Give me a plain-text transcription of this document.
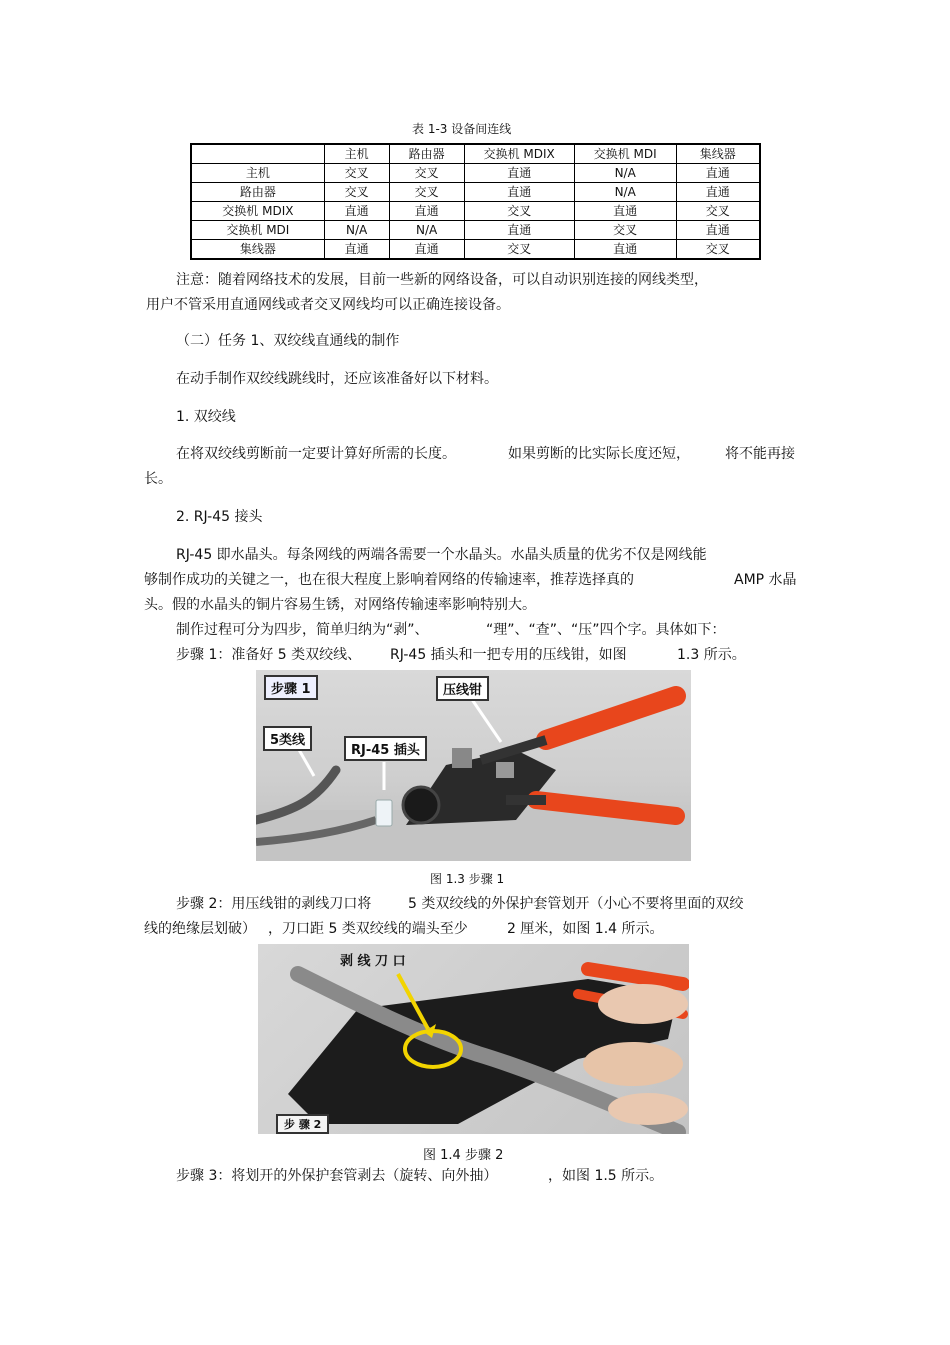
表 1-3 设备间连线
	主机	路由器	交换机 MDIX	交换机 MDI	集线器
主机	交叉	交叉	直通	N/A	直通
路由器	交叉	交叉	直通	N/A	直通
交换机 MDIX	直通	直通	交叉	直通	交叉
交换机 MDI	N/A	N/A	直通	交叉	直通
集线器	直通	直通	交叉	直通	交叉
注意：随着网络技术的发展，目前一些新的网络设备，可以自动识别连接的网线类型，
用户不管采用直通网线或者交叉网线均可以正确连接设备。
（二）任务 1、双绞线直通线的制作
在动手制作双绞线跳线时，还应该准备好以下材料。
1. 双绞线
在将双绞线剪断前一定要计算好所需的长度。	如果剪断的比实际长度还短，	将不能再接
长。
2. RJ-45 接头
RJ-45 即水晶头。每条网线的两端各需要一个水晶头。水晶头质量的优劣不仅是网线能
够制作成功的关键之一，也在很大程度上影响着网络的传输速率，推荐选择真的	AMP 水晶
头。假的水晶头的铜片容易生锈，对网络传输速率影响特别大。
制作过程可分为四步，简单归纳为“剥”、	“理”、“查”、“压”四个字。具体如下：
步骤 1：准备好 5 类双绞线、 RJ-45 插头和一把专用的压线钳，如图	1.3 所示。
步骤 1	压线钳
5类线
RJ-45 插头
图 1.3 步骤 1
步骤 2：用压线钳的剥线刀口将	5 类双绞线的外保护套管划开（小心不要将里面的双绞
线的绝缘层划破） ，刀口距 5 类双绞线的端头至少	2 厘米，如图 1.4 所示。
剥 线 刀 口
步 骤 2
图 1.4 步骤 2
步骤 3：将划开的外保护套管剥去（旋转、向外抽）	，如图 1.5 所示。
